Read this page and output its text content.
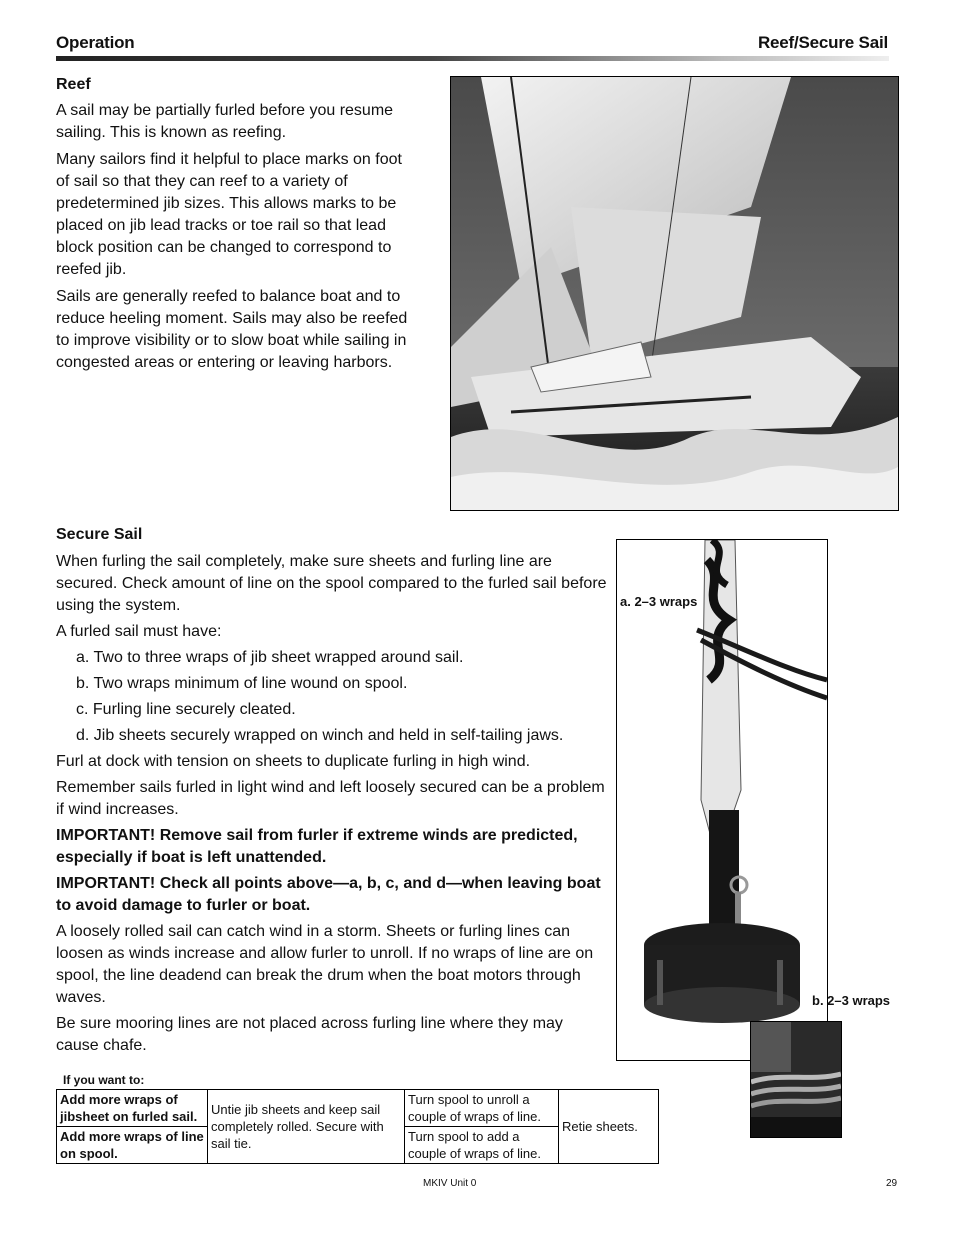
Operation	Reef/Secure Sail
Reef

A sail may be partially furled before you resume sailing. This is known as reefing.

Many sailors find it helpful to place marks on foot of sail so that they can reef to a variety of predetermined jib sizes. This allows marks to be placed on jib lead tracks or toe rail so that lead block position can be changed to correspond to reefed jib.

Sails are generally reefed to balance boat and to reduce heeling moment. Sails may also be reefed to improve visibility or to slow boat while sailing in congested areas or entering or leaving harbors.

Secure Sail

When furling the sail completely, make sure sheets and furling line are secured. Check amount of line on the spool compared to the furled sail before using the system.

A furled sail must have:

a. Two to three wraps of jib sheet wrapped around sail.

b. Two wraps minimum of line wound on spool.

c. Furling line securely cleated.

d. Jib sheets securely wrapped on winch and held in self-tailing jaws.

Furl at dock with tension on sheets to duplicate furling in high wind.

Remember sails furled in light wind and left loosely secured can be a problem if wind increases.

IMPORTANT! Remove sail from furler if extreme winds are predicted, especially if boat is left unattended.

IMPORTANT! Check all points above—a, b, c, and d—when leaving boat to avoid damage to furler or boat.

A loosely rolled sail can catch wind in a storm. Sheets or furling lines can loosen as winds increase and allow furler to unroll. If no wraps of line are on spool, the line deadend can break the drum when the boat motors through waves.

Be sure mooring lines are not placed across furling line where they may cause chafe.

a. 2–3 wraps
b. 2–3 wraps
If you want to:
Add more wraps of jibsheet on furled sail.	Untie jib sheets and keep sail completely rolled. Secure with sail tie.	Turn spool to unroll a couple of wraps of line.	Retie sheets.
Add more wraps of line on spool.		Turn spool to add a couple of wraps of line.	
MKIV Unit 0	29
